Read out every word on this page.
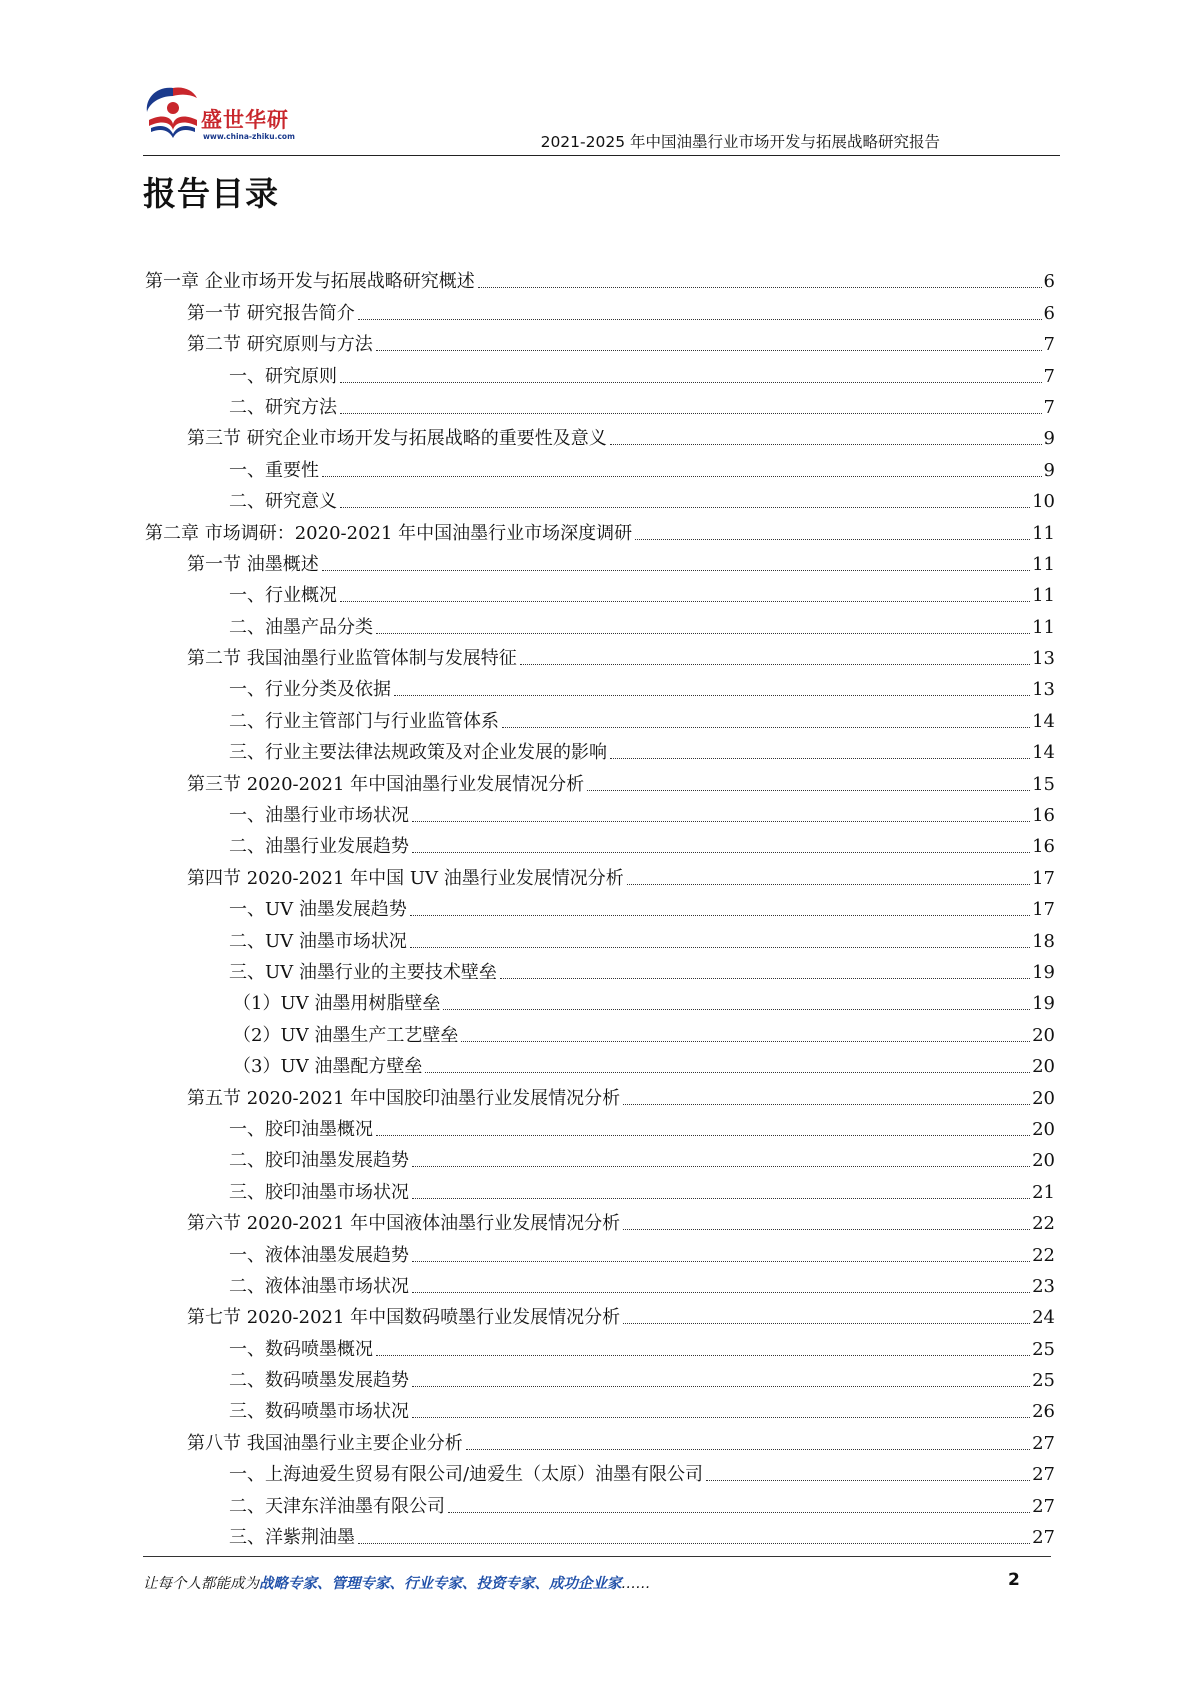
盛世华研
www.china-zhiku.com	2021-2025 年中国油墨行业市场开发与拓展战略研究报告
报告目录
第一章 企业市场开发与拓展战略研究概述	6
第一节 研究报告简介	6
第二节 研究原则与方法	7
一、研究原则	7
二、研究方法	7
第三节 研究企业市场开发与拓展战略的重要性及意义	9
一、重要性	9
二、研究意义	10
第二章 市场调研：2020-2021 年中国油墨行业市场深度调研	11
第一节 油墨概述	11
一、行业概况	11
二、油墨产品分类	11
第二节 我国油墨行业监管体制与发展特征	13
一、行业分类及依据	13
二、行业主管部门与行业监管体系	14
三、行业主要法律法规政策及对企业发展的影响	14
第三节 2020-2021 年中国油墨行业发展情况分析	15
一、油墨行业市场状况	16
二、油墨行业发展趋势	16
第四节 2020-2021 年中国 UV 油墨行业发展情况分析	17
一、UV 油墨发展趋势	17
二、UV 油墨市场状况	18
三、UV 油墨行业的主要技术壁垒	19
（1）UV 油墨用树脂壁垒	19
（2）UV 油墨生产工艺壁垒	20
（3）UV 油墨配方壁垒	20
第五节 2020-2021 年中国胶印油墨行业发展情况分析	20
一、胶印油墨概况	20
二、胶印油墨发展趋势	20
三、胶印油墨市场状况	21
第六节 2020-2021 年中国液体油墨行业发展情况分析	22
一、液体油墨发展趋势	22
二、液体油墨市场状况	23
第七节 2020-2021 年中国数码喷墨行业发展情况分析	24
一、数码喷墨概况	25
二、数码喷墨发展趋势	25
三、数码喷墨市场状况	26
第八节 我国油墨行业主要企业分析	27
一、上海迪爱生贸易有限公司/迪爱生（太原）油墨有限公司	27
二、天津东洋油墨有限公司	27
三、洋紫荆油墨	27
让每个人都能成为战略专家、管理专家、行业专家、投资专家、成功企业家……	2
